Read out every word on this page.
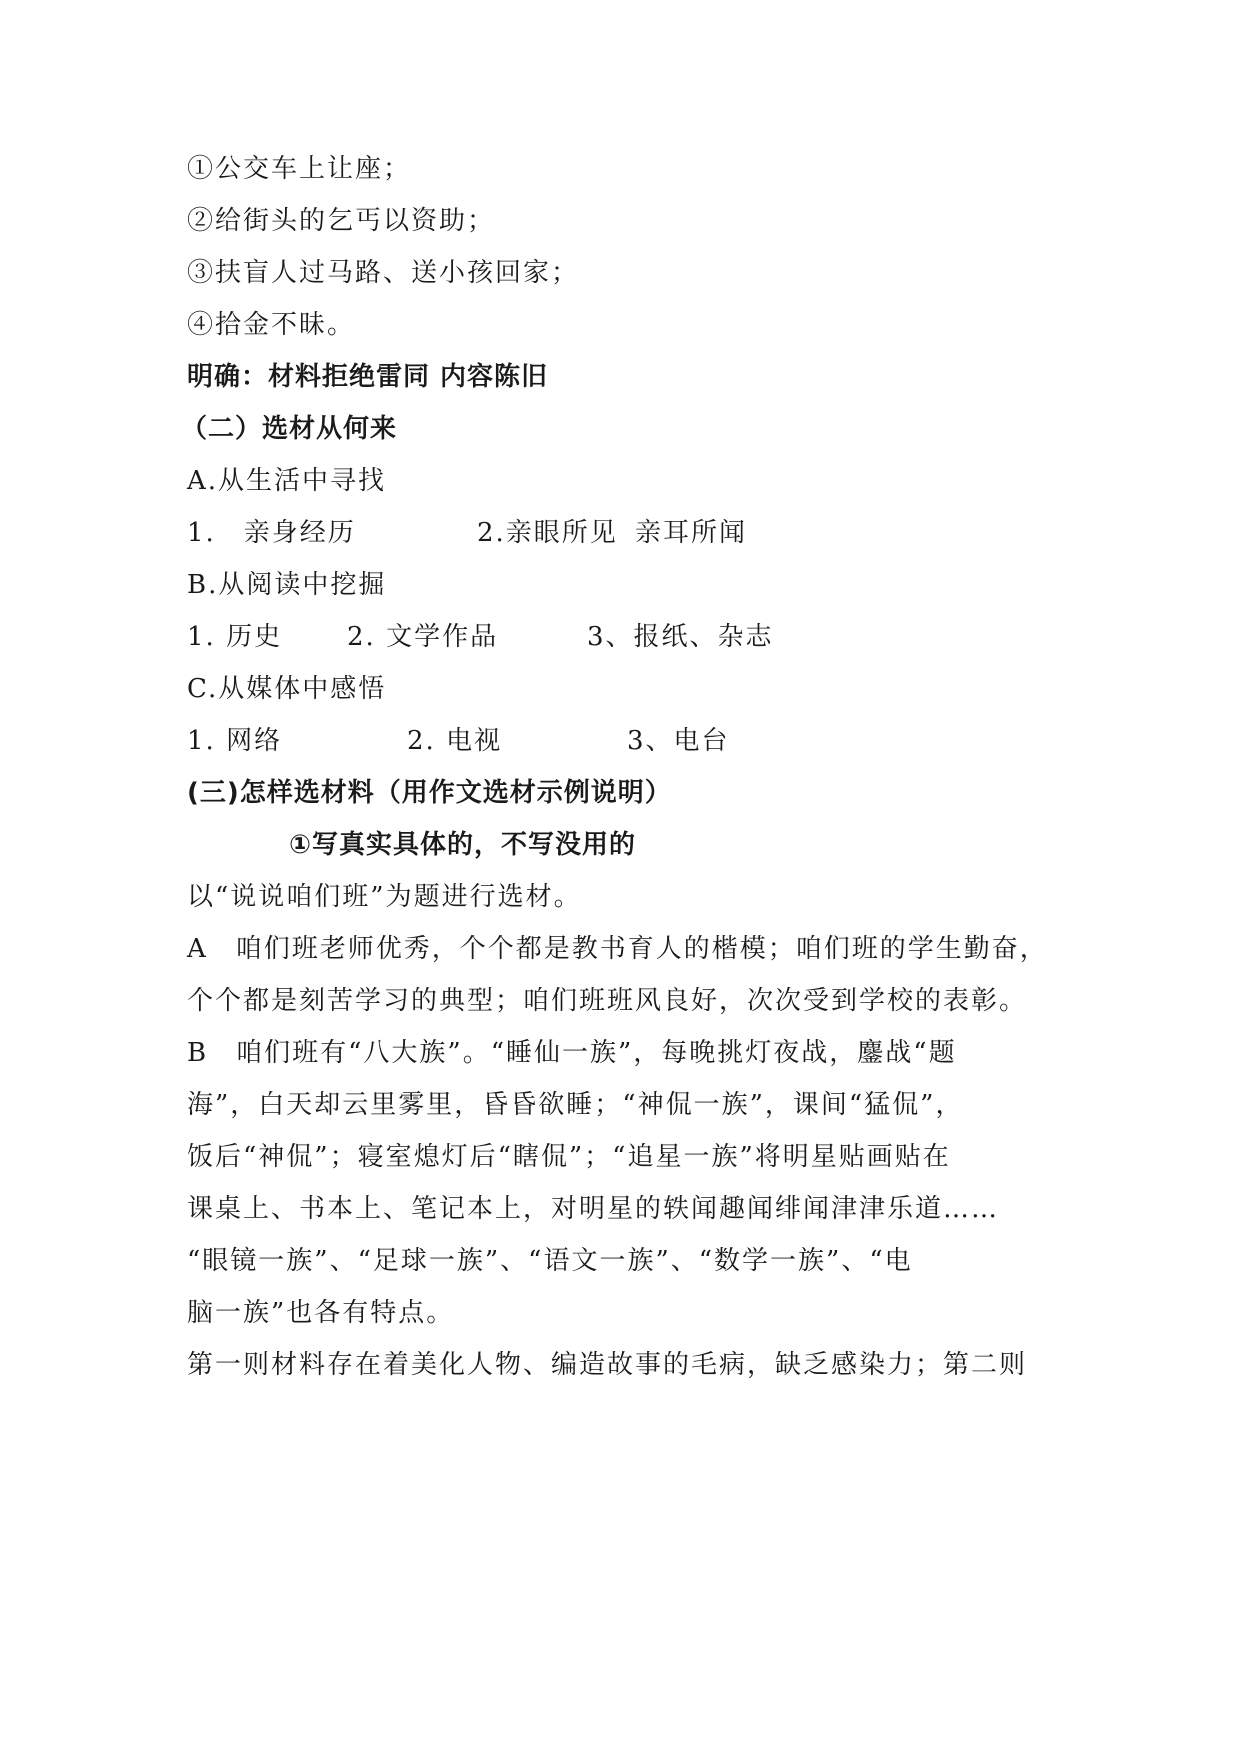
①公交车上让座；
②给街头的乞丐以资助；
③扶盲人过马路、送小孩回家；
④拾金不昧。
明确：材料拒绝雷同 内容陈旧
（二）选材从何来
A.从生活中寻找
1.　亲身经历	2.亲眼所见 亲耳所闻
B.从阅读中挖掘
1. 历史 2. 文学作品	3、报纸、杂志
C.从媒体中感悟
1. 网络	2. 电视	3、电台
(三)怎样选材料（用作文选材示例说明）
①写真实具体的，不写没用的
以“说说咱们班”为题进行选材。
A　咱们班老师优秀，个个都是教书育人的楷模；咱们班的学生勤奋，
个个都是刻苦学习的典型；咱们班班风良好，次次受到学校的表彰。
B　咱们班有“八大族”。“睡仙一族”，每晚挑灯夜战，鏖战“题
海”，白天却云里雾里，昏昏欲睡；“神侃一族”，课间“猛侃”，
饭后“神侃”；寝室熄灯后“瞎侃”；“追星一族”将明星贴画贴在
课桌上、书本上、笔记本上，对明星的轶闻趣闻绯闻津津乐道……
“眼镜一族”、“足球一族”、“语文一族”、“数学一族”、“电
脑一族”也各有特点。
第一则材料存在着美化人物、编造故事的毛病，缺乏感染力；第二则
